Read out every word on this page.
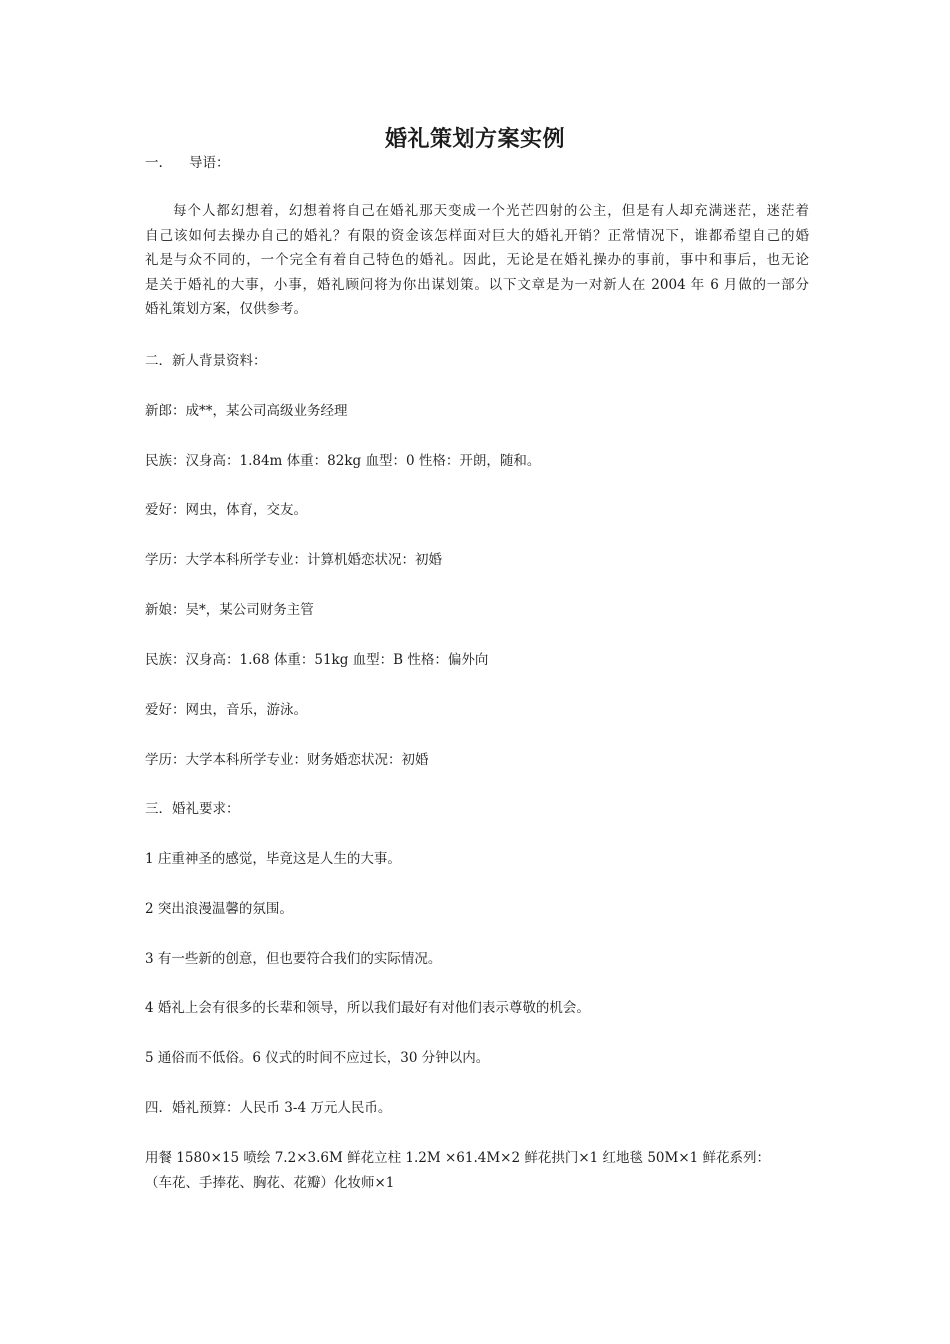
婚礼策划方案实例

一. 导语：

每个人都幻想着，幻想着将自己在婚礼那天变成一个光芒四射的公主，但是有人却充满迷茫，迷茫着
自己该如何去操办自己的婚礼？有限的资金该怎样面对巨大的婚礼开销？正常情况下，谁都希望自己的婚
礼是与众不同的，一个完全有着自己特色的婚礼。因此，无论是在婚礼操办的事前，事中和事后，也无论
是关于婚礼的大事，小事，婚礼顾问将为你出谋划策。以下文章是为一对新人在 2004 年 6 月做的一部分
婚礼策划方案，仅供参考。

二．新人背景资料：

新郎：成**，某公司高级业务经理

民族：汉身高：1.84m 体重：82kg 血型：0 性格：开朗，随和。

爱好：网虫，体育，交友。

学历：大学本科所学专业：计算机婚恋状况：初婚

新娘：吴*，某公司财务主管

民族：汉身高：1.68 体重：51kg 血型：B 性格：偏外向

爱好：网虫，音乐，游泳。

学历：大学本科所学专业：财务婚恋状况：初婚

三．婚礼要求：

1 庄重神圣的感觉，毕竟这是人生的大事。

2 突出浪漫温馨的氛围。

3 有一些新的创意，但也要符合我们的实际情况。

4 婚礼上会有很多的长辈和领导，所以我们最好有对他们表示尊敬的机会。

5 通俗而不低俗。6 仪式的时间不应过长，30 分钟以内。

四．婚礼预算：人民币 3-4 万元人民币。

用餐 1580×15 喷绘 7.2×3.6M 鲜花立柱 1.2M ×61.4M×2 鲜花拱门×1 红地毯 50M×1 鲜花系列：
（车花、手捧花、胸花、花瓣）化妆师×1
